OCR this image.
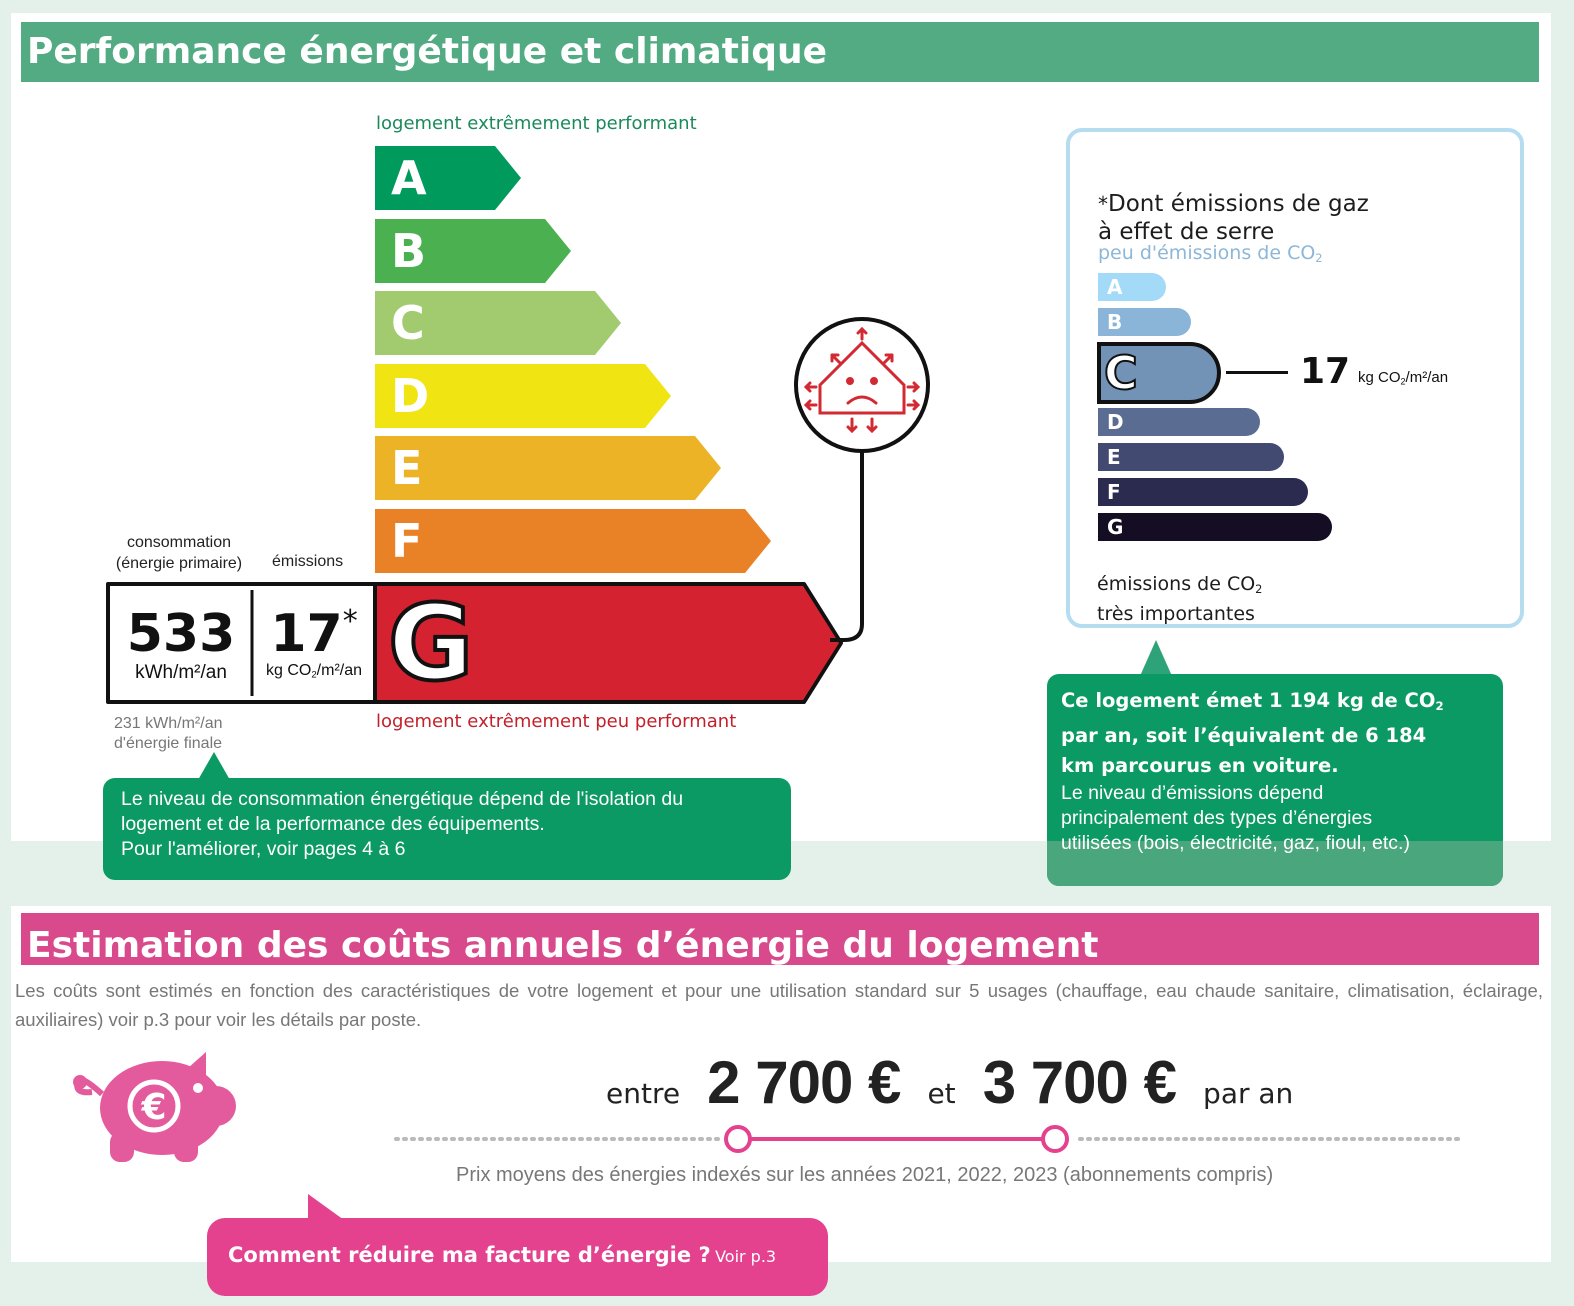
Performance énergétique et climatique
logement extrêmement performant
A
B
C
D
E
F
G
consommation
(énergie primaire)	émissions
533
kWh/m²/an
17*
kg $CO_2/m^2/an$
logement extrêmement peu performant
231 kWh/m²/an
d'énergie finale
Le niveau de consommation énergétique dépend de l'isolation du
logement et de la performance des équipements.
Pour l'améliorer, voir pages 4 à 6

*Dont émissions de gaz
à effet de serre

peu d'émissions de $CO_2$
A
B
D
E
F
G
C	17 kg $CO_2/m^2/an$

émissions de $CO_2$
très importantes

Ce logement émet 1 194 kg de $CO_2$
par an, soit l’équivalent de 6 184
km parcourus en voiture.
Le niveau d’émissions dépend
principalement des types d’énergies
utilisées (bois, électricité, gaz, fioul, etc.)
Estimation des coûts annuels d’énergie du logement
Les coûts sont estimés en fonction des caractéristiques de votre logement et pour une utilisation standard sur 5 usages (chauffage, eau chaude sanitaire, climatisation, éclairage, auxiliaires) voir p.3 pour voir les détails par poste.
€	entre 2 700 € et 3 700 € par an
Prix moyens des énergies indexés sur les années 2021, 2022, 2023 (abonnements compris)
Comment réduire ma facture d’énergie ? Voir p.3
